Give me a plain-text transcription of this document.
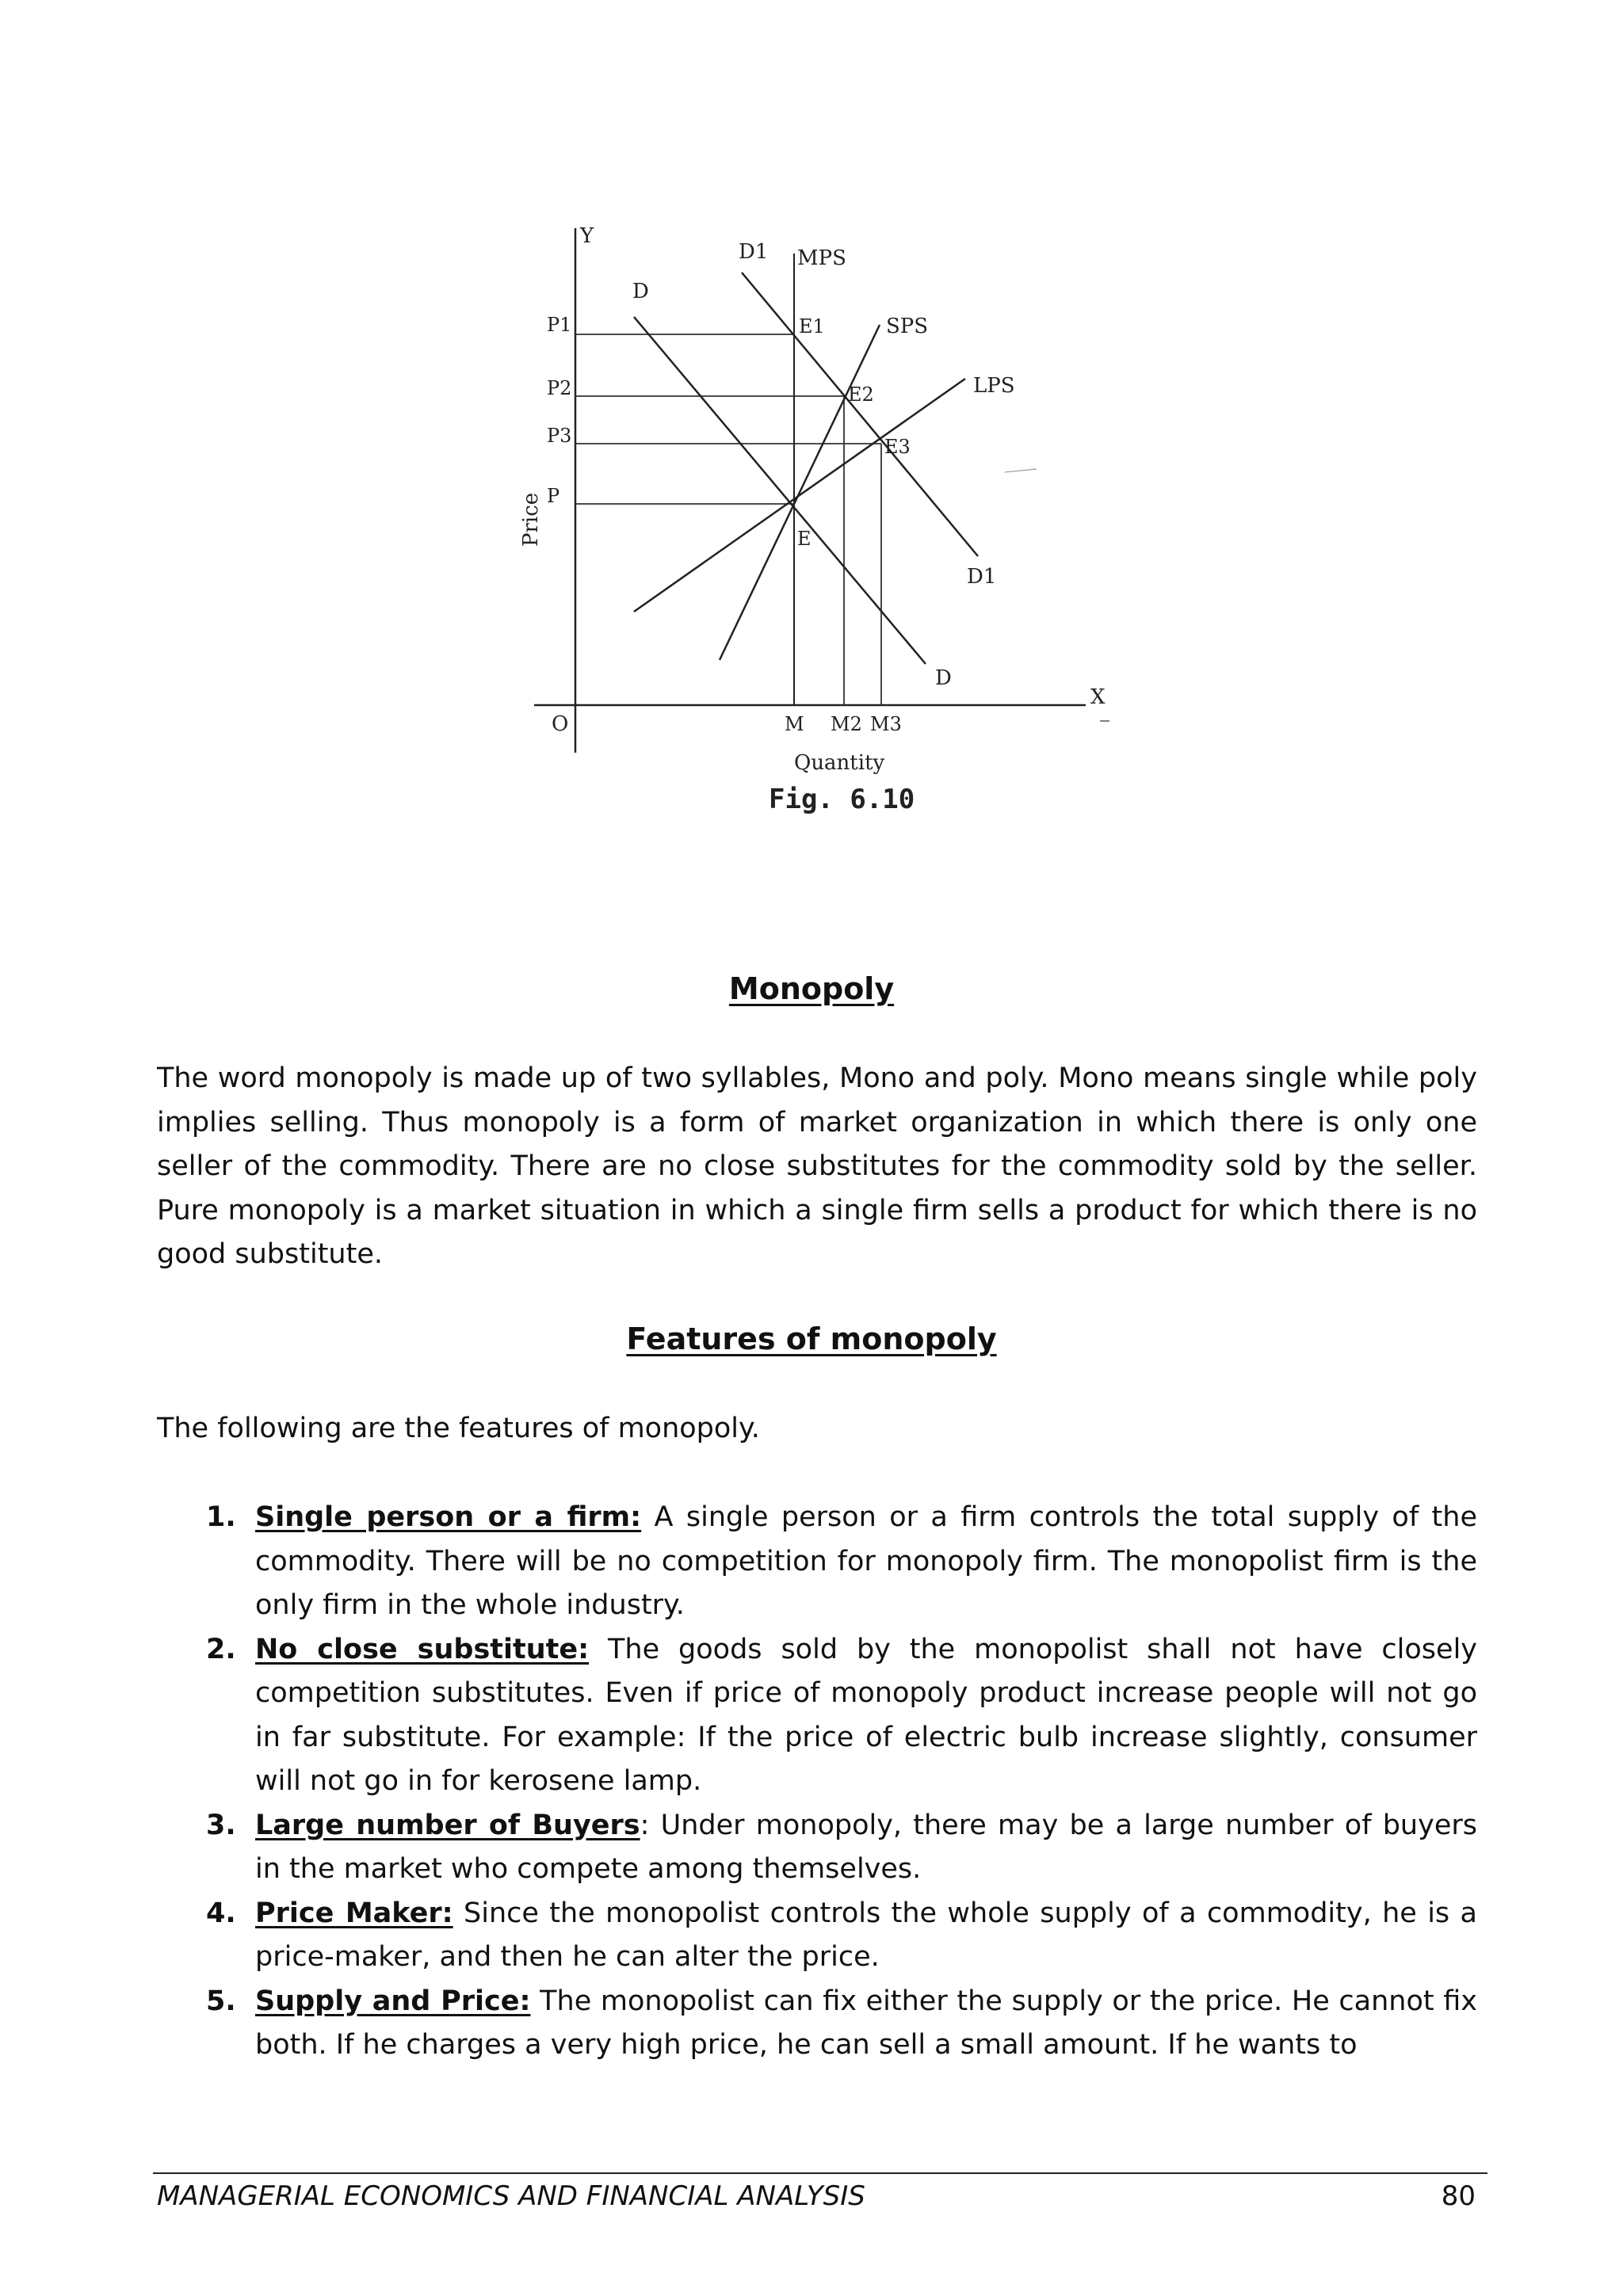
Y
X
O
Price
Quantity
Fig. 6.10
P1
P2
P3
P
M M2 M3
D
D
D1
D1
MPS
SPS
LPS
E
E1
E2
E3
Monopoly

The word monopoly is made up of two syllables, Mono and poly. Mono means single while poly implies selling. Thus monopoly is a form of market organization in which there is only one seller of the commodity. There are no close substitutes for the commodity sold by the seller. Pure monopoly is a market situation in which a single firm sells a product for which there is no good substitute.

Features of monopoly

The following are the features of monopoly.

1. Single person or a firm: A single person or a firm controls the total supply of the commodity. There will be no competition for monopoly firm. The monopolist firm is the only firm in the whole industry.
2. No close substitute: The goods sold by the monopolist shall not have closely competition substitutes. Even if price of monopoly product increase people will not go in far substitute. For example: If the price of electric bulb increase slightly, consumer will not go in for kerosene lamp.
3. Large number of Buyers: Under monopoly, there may be a large number of buyers in the market who compete among themselves.
4. Price Maker: Since the monopolist controls the whole supply of a commodity, he is a price-maker, and then he can alter the price.
5. Supply and Price: The monopolist can fix either the supply or the price. He cannot fix both. If he charges a very high price, he can sell a small amount. If he wants to
MANAGERIAL ECONOMICS AND FINANCIAL ANALYSIS	80
